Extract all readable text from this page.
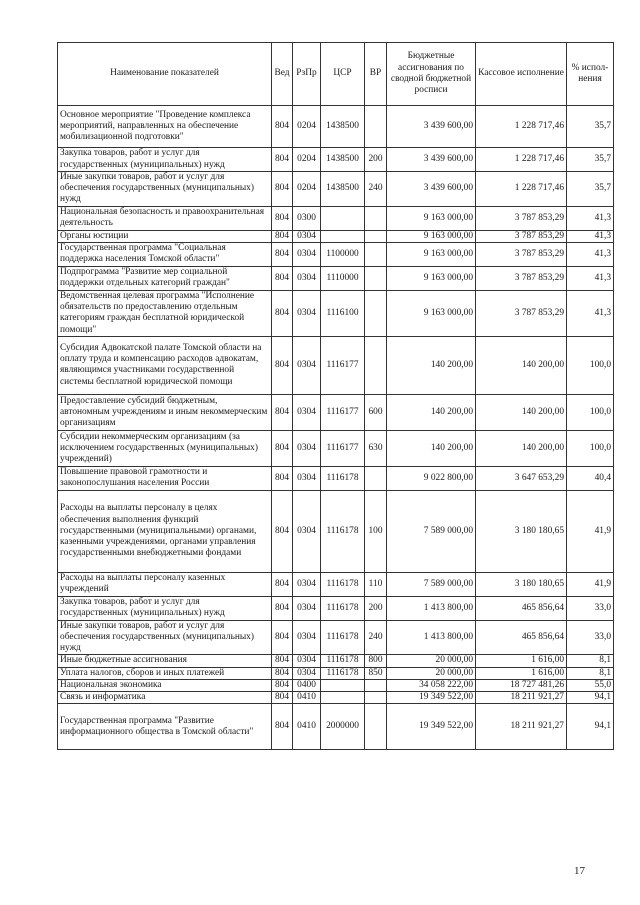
Наименование показателей	Вед	РзПр	ЦСР	ВР	Бюджетные ассигнования по сводной бюджетной росписи	Кассовое исполнение	% испол-нения
Основное мероприятие "Проведение комплекса мероприятий, направленных на обеспечение мобилизационной подготовки"	804	0204	1438500		3 439 600,00	1 228 717,46	35,7
Закупка товаров, работ и услуг для государственных (муниципальных) нужд	804	0204	1438500	200	3 439 600,00	1 228 717,46	35,7
Иные закупки товаров, работ и услуг для обеспечения государственных (муниципальных) нужд	804	0204	1438500	240	3 439 600,00	1 228 717,46	35,7
Национальная безопасность и правоохранительная деятельность	804	0300			9 163 000,00	3 787 853,29	41,3
Органы юстиции	804	0304			9 163 000,00	3 787 853,29	41,3
Государственная программа "Социальная поддержка населения Томской области"	804	0304	1100000		9 163 000,00	3 787 853,29	41,3
Подпрограмма "Развитие мер социальной поддержки отдельных категорий граждан"	804	0304	1110000		9 163 000,00	3 787 853,29	41,3
Ведомственная целевая программа "Исполнение обязательств по предоставлению отдельным категориям граждан бесплатной юридической помощи"	804	0304	1116100		9 163 000,00	3 787 853,29	41,3
Субсидия Адвокатской палате Томской области на оплату труда и компенсацию расходов адвокатам, являющимся участниками государственной системы бесплатной юридической помощи	804	0304	1116177		140 200,00	140 200,00	100,0
Предоставление субсидий бюджетным, автономным учреждениям и иным некоммерческим организациям	804	0304	1116177	600	140 200,00	140 200,00	100,0
Субсидии некоммерческим организациям (за исключением государственных (муниципальных) учреждений)	804	0304	1116177	630	140 200,00	140 200,00	100,0
Повышение правовой грамотности и законопослушания населения России	804	0304	1116178		9 022 800,00	3 647 653,29	40,4
Расходы на выплаты персоналу в целях обеспечения выполнения функций государственными (муниципальными) органами, казенными учреждениями, органами управления государственными внебюджетными фондами	804	0304	1116178	100	7 589 000,00	3 180 180,65	41,9
Расходы на выплаты персоналу казенных учреждений	804	0304	1116178	110	7 589 000,00	3 180 180,65	41,9
Закупка товаров, работ и услуг для государственных (муниципальных) нужд	804	0304	1116178	200	1 413 800,00	465 856,64	33,0
Иные закупки товаров, работ и услуг для обеспечения государственных (муниципальных) нужд	804	0304	1116178	240	1 413 800,00	465 856,64	33,0
Иные бюджетные ассигнования	804	0304	1116178	800	20 000,00	1 616,00	8,1
Уплата налогов, сборов и иных платежей	804	0304	1116178	850	20 000,00	1 616,00	8,1
Национальная экономика	804	0400			34 058 222,00	18 727 481,26	55,0
Связь и информатика	804	0410			19 349 522,00	18 211 921,27	94,1
Государственная программа "Развитие информационного общества в Томской области"	804	0410	2000000		19 349 522,00	18 211 921,27	94,1
17
